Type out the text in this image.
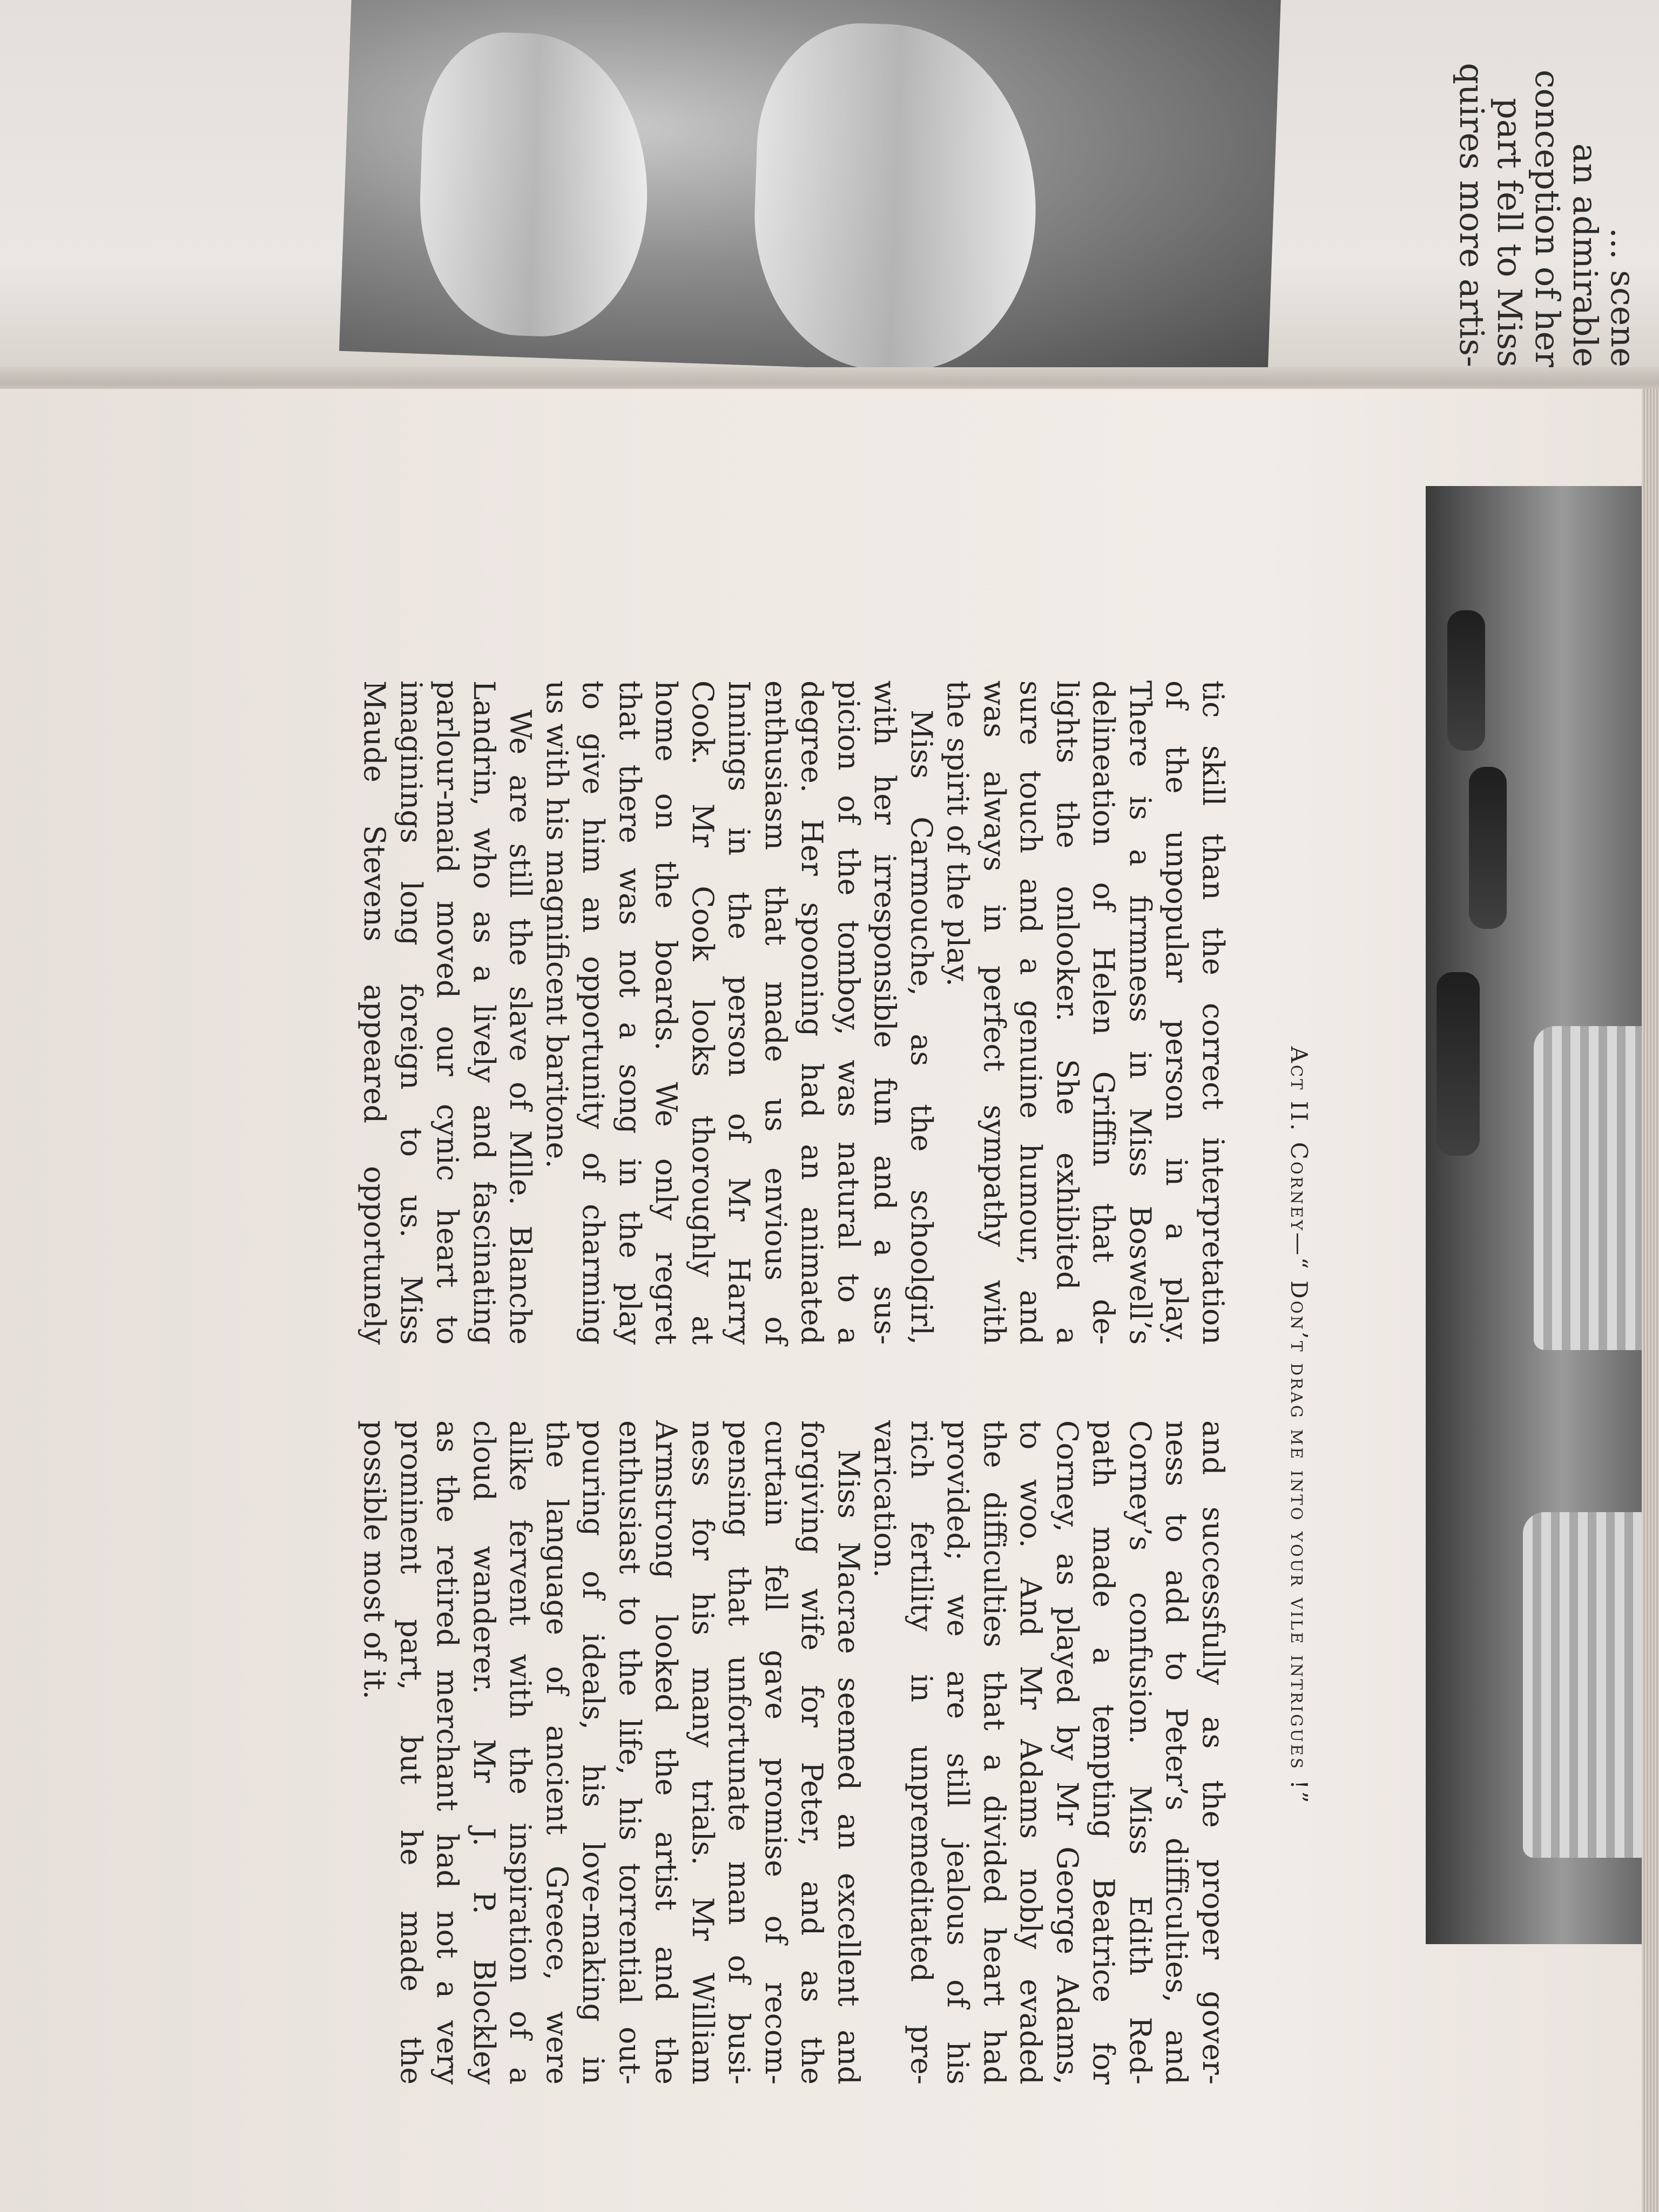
... scene
an admirable
conception of her
part fell to Miss
quires more artis-
Act II. Corney—“ Don’t drag me into your vile intrigues !”
tic skill than the correct interpretation
of the unpopular person in a play.
There is a firmness in Miss Boswell’s
delineation of Helen Griffin that de-
lights the onlooker. She exhibited a
sure touch and a genuine humour, and
was always in perfect sympathy with
the spirit of the play.
Miss Carmouche, as the schoolgirl,
with her irresponsible fun and a sus-
picion of the tomboy, was natural to a
degree. Her spooning had an animated
enthusiasm that made us envious of
Innings in the person of Mr Harry
Cook. Mr Cook looks thoroughly at
home on the boards. We only regret
that there was not a song in the play
to give him an opportunity of charming
us with his magnificent baritone.
We are still the slave of Mlle. Blanche
Landrin, who as a lively and fascinating
parlour-maid moved our cynic heart to
imaginings long foreign to us. Miss
Maude Stevens appeared opportunely
and successfully as the proper gover-
ness to add to Peter’s difficulties, and
Corney’s confusion. Miss Edith Red-
path made a tempting Beatrice for
Corney, as played by Mr George Adams,
to woo. And Mr Adams nobly evaded
the difficulties that a divided heart had
provided; we are still jealous of his
rich fertility in unpremeditated pre-
varication.
Miss Macrae seemed an excellent and
forgiving wife for Peter, and as the
curtain fell gave promise of recom-
pensing that unfortunate man of busi-
ness for his many trials. Mr William
Armstrong looked the artist and the
enthusiast to the life, his torrential out-
pouring of ideals, his love-making in
the language of ancient Greece, were
alike fervent with the inspiration of a
cloud wanderer. Mr J. P. Blockley
as the retired merchant had not a very
prominent part, but he made the
possible most of it.
